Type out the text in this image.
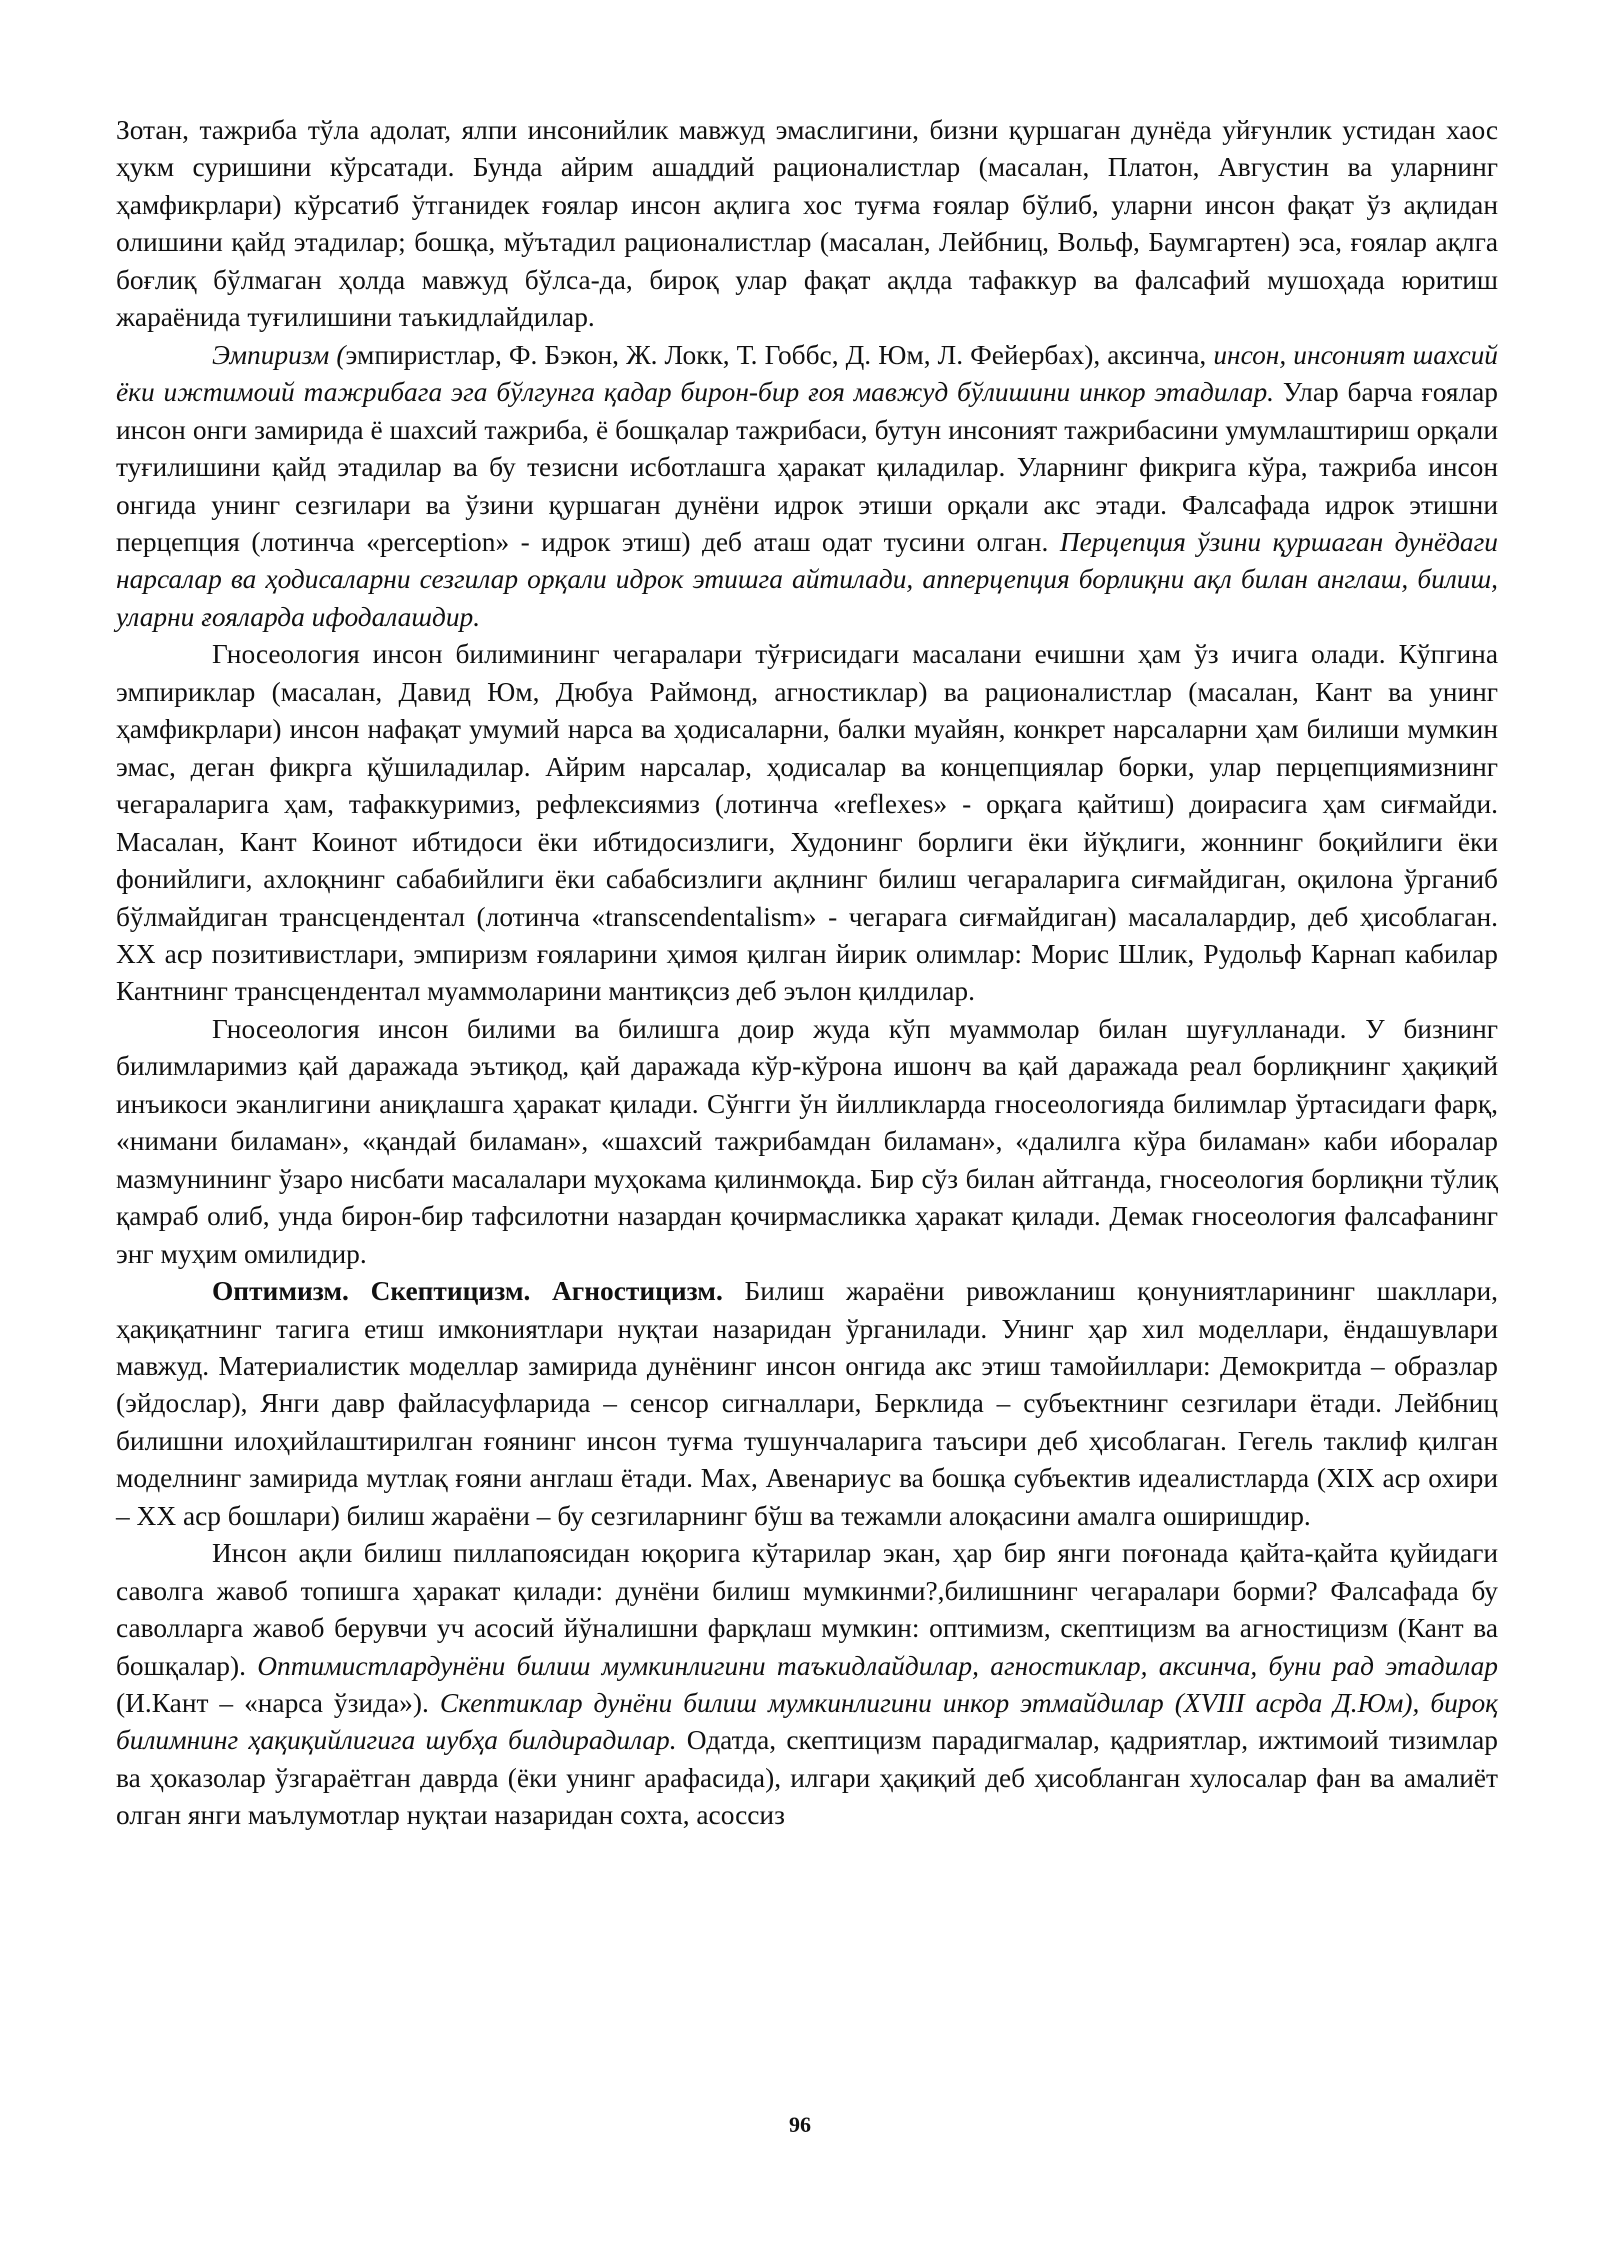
Зотан, тажриба тўла адолат, ялпи инсонийлик мавжуд эмаслигини, бизни қуршаган дунёда уйғунлик устидан хаос ҳукм суришини кўрсатади. Бунда айрим ашаддий рационалистлар (масалан, Платон, Августин ва уларнинг ҳамфикрлари) кўрсатиб ўтганидек ғоялар инсон ақлига хос туғма ғоялар бўлиб, уларни инсон фақат ўз ақлидан олишини қайд этадилар; бошқа, мўътадил рационалистлар (масалан, Лейбниц, Вольф, Баумгартен) эса, ғоялар ақлга боғлиқ бўлмаган ҳолда мавжуд бўлса-да, бироқ улар фақат ақлда тафаккур ва фалсафий мушоҳада юритиш жараёнида туғилишини таъкидлайдилар.

Эмпиризм (эмпиристлар, Ф. Бэкон, Ж. Локк, Т. Гоббс, Д. Юм, Л. Фейербах), аксинча, инсон, инсоният шахсий ёки ижтимоий тажрибага эга бўлгунга қадар бирон-бир ғоя мавжуд бўлишини инкор этадилар. Улар барча ғоялар инсон онги замирида ё шахсий тажриба, ё бошқалар тажрибаси, бутун инсоният тажрибасини умумлаштириш орқали туғилишини қайд этадилар ва бу тезисни исботлашга ҳаракат қиладилар. Уларнинг фикрига кўра, тажриба инсон онгида унинг сезгилари ва ўзини қуршаган дунёни идрок этиши орқали акс этади. Фалсафада идрок этишни перцепция (лотинча «perception» - идрок этиш) деб аташ одат тусини олган. Перцепция ўзини қуршаган дунёдаги нарсалар ва ҳодисаларни сезгилар орқали идрок этишга айтилади, апперцепция борлиқни ақл билан англаш, билиш, уларни ғояларда ифодалашдир.

Гносеология инсон билимининг чегаралари тўғрисидаги масалани ечишни ҳам ўз ичига олади. Кўпгина эмпириклар (масалан, Давид Юм, Дюбуа Раймонд, агностиклар) ва рационалистлар (масалан, Кант ва унинг ҳамфикрлари) инсон нафақат умумий нарса ва ҳодисаларни, балки муайян, конкрет нарсаларни ҳам билиши мумкин эмас, деган фикрга қўшиладилар. Айрим нарсалар, ҳодисалар ва концепциялар борки, улар перцепциямизнинг чегараларига ҳам, тафаккуримиз, рефлексиямиз (лотинча «reflexes» - орқага қайтиш) доирасига ҳам сиғмайди. Масалан, Кант Коинот ибтидоси ёки ибтидосизлиги, Худонинг борлиги ёки йўқлиги, жоннинг боқийлиги ёки фонийлиги, ахлоқнинг сабабийлиги ёки сабабсизлиги ақлнинг билиш чегараларига сиғмайдиган, оқилона ўрганиб бўлмайдиган трансцендентал (лотинча «transcendentalism» - чегарага сиғмайдиган) масалалардир, деб ҳисоблаган. XX аср позитивистлари, эмпиризм ғояларини ҳимоя қилган йирик олимлар: Морис Шлик, Рудольф Карнап кабилар Кантнинг трансцендентал муаммоларини мантиқсиз деб эълон қилдилар.

Гносеология инсон билими ва билишга доир жуда кўп муаммолар билан шуғулланади. У бизнинг билимларимиз қай даражада эътиқод, қай даражада кўр-кўрона ишонч ва қай даражада реал борлиқнинг ҳақиқий инъикоси эканлигини аниқлашга ҳаракат қилади. Сўнгги ўн йилликларда гносеологияда билимлар ўртасидаги фарқ, «нимани биламан», «қандай биламан», «шахсий тажрибамдан биламан», «далилга кўра биламан» каби иборалар мазмунининг ўзаро нисбати масалалари муҳокама қилинмоқда. Бир сўз билан айтганда, гносеология борлиқни тўлиқ қамраб олиб, унда бирон-бир тафсилотни назардан қочирмасликка ҳаракат қилади. Демак гносеология фалсафанинг энг муҳим омилидир.

Оптимизм. Скептицизм. Агностицизм. Билиш жараёни ривожланиш қонуниятларининг шакллари, ҳақиқатнинг тагига етиш имкониятлари нуқтаи назаридан ўрганилади. Унинг ҳар хил моделлари, ёндашувлари мавжуд. Материалистик моделлар замирида дунёнинг инсон онгида акс этиш тамойиллари: Демокритда – образлар (эйдослар), Янги давр файласуфларида – сенсор сигналлари, Берклида – субъектнинг сезгилари ётади. Лейбниц билишни илоҳийлаштирилган ғоянинг инсон туғма тушунчаларига таъсири деб ҳисоблаган. Гегель таклиф қилган моделнинг замирида мутлақ ғояни англаш ётади. Мах, Авенариус ва бошқа субъектив идеалистларда (XIX аср охири – XX аср бошлари) билиш жараёни – бу сезгиларнинг бўш ва тежамли алоқасини амалга оширишдир.

Инсон ақли билиш пиллапоясидан юқорига кўтарилар экан, ҳар бир янги поғонада қайта-қайта қуйидаги саволга жавоб топишга ҳаракат қилади: дунёни билиш мумкинми?,билишнинг чегаралари борми? Фалсафада бу саволларга жавоб берувчи уч асосий йўналишни фарқлаш мумкин: оптимизм, скептицизм ва агностицизм (Кант ва бошқалар). Оптимистлардунёни билиш мумкинлигини таъкидлайдилар, агностиклар, аксинча, буни рад этадилар (И.Кант – «нарса ўзида»). Скептиклар дунёни билиш мумкинлигини инкор этмайдилар (XVIII асрда Д.Юм), бироқ билимнинг ҳақиқийлигига шубҳа билдирадилар. Одатда, скептицизм парадигмалар, қадриятлар, ижтимоий тизимлар ва ҳоказолар ўзгараётган даврда (ёки унинг арафасида), илгари ҳақиқий деб ҳисобланган хулосалар фан ва амалиёт олган янги маълумотлар нуқтаи назаридан сохта, асоссиз

96
